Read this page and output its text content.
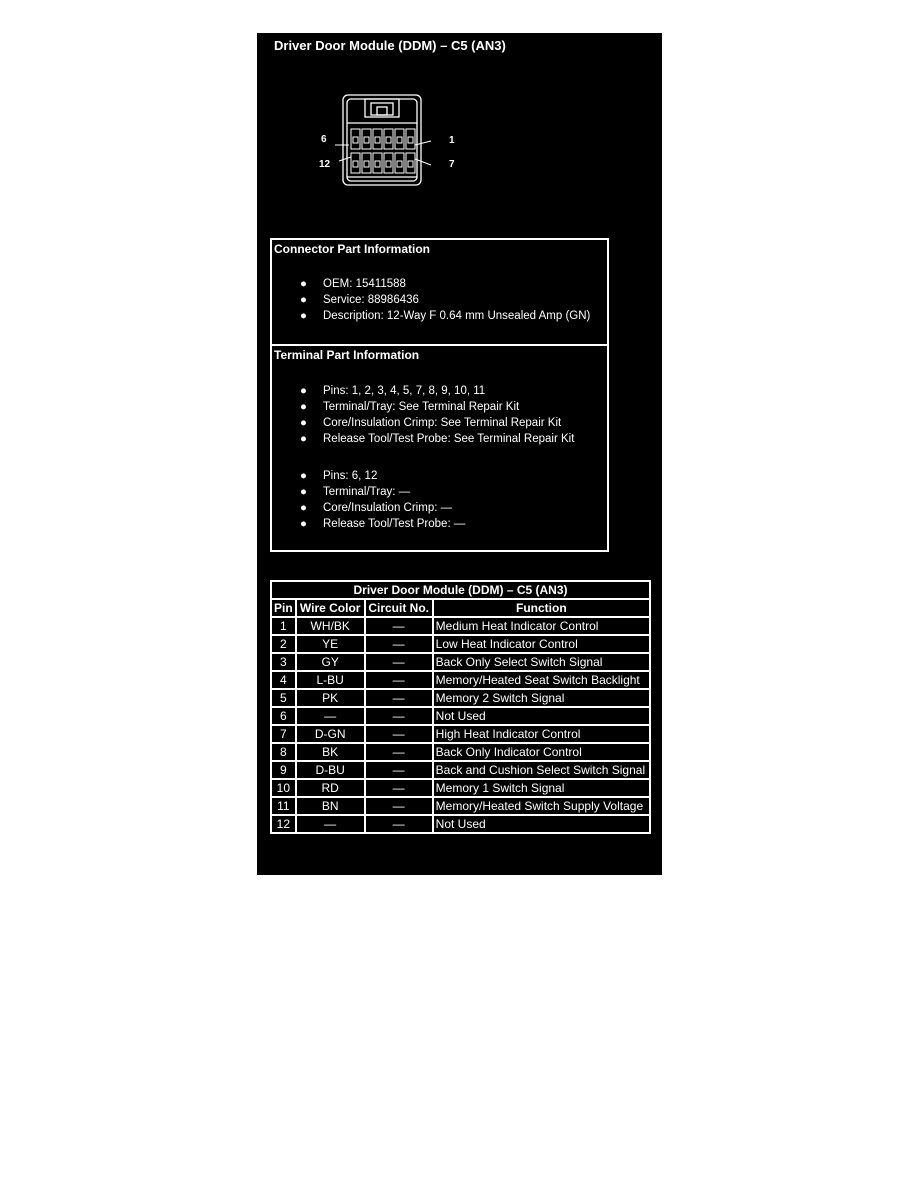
Driver Door Module (DDM) – C5 (AN3)
6	1
12	7
Connector Part Information
● OEM: 15411588
● Service: 88986436
● Description: 12-Way F 0.64 mm Unsealed Amp (GN)
Terminal Part Information
● Pins: 1, 2, 3, 4, 5, 7, 8, 9, 10, 11
● Terminal/Tray: See Terminal Repair Kit
● Core/Insulation Crimp: See Terminal Repair Kit
● Release Tool/Test Probe: See Terminal Repair Kit
● Pins: 6, 12
● Terminal/Tray: —
● Core/Insulation Crimp: —
● Release Tool/Test Probe: —
Driver Door Module (DDM) – C5 (AN3)			
Pin	Wire Color	Circuit No.	Function
1	WH/BK	—	Medium Heat Indicator Control
2	YE	—	Low Heat Indicator Control
3	GY	—	Back Only Select Switch Signal
4	L-BU	—	Memory/Heated Seat Switch Backlight
5	PK	—	Memory 2 Switch Signal
6	—	—	Not Used
7	D-GN	—	High Heat Indicator Control
8	BK	—	Back Only Indicator Control
9	D-BU	—	Back and Cushion Select Switch Signal
10	RD	—	Memory 1 Switch Signal
11	BN	—	Memory/Heated Switch Supply Voltage
12	—	—	Not Used
